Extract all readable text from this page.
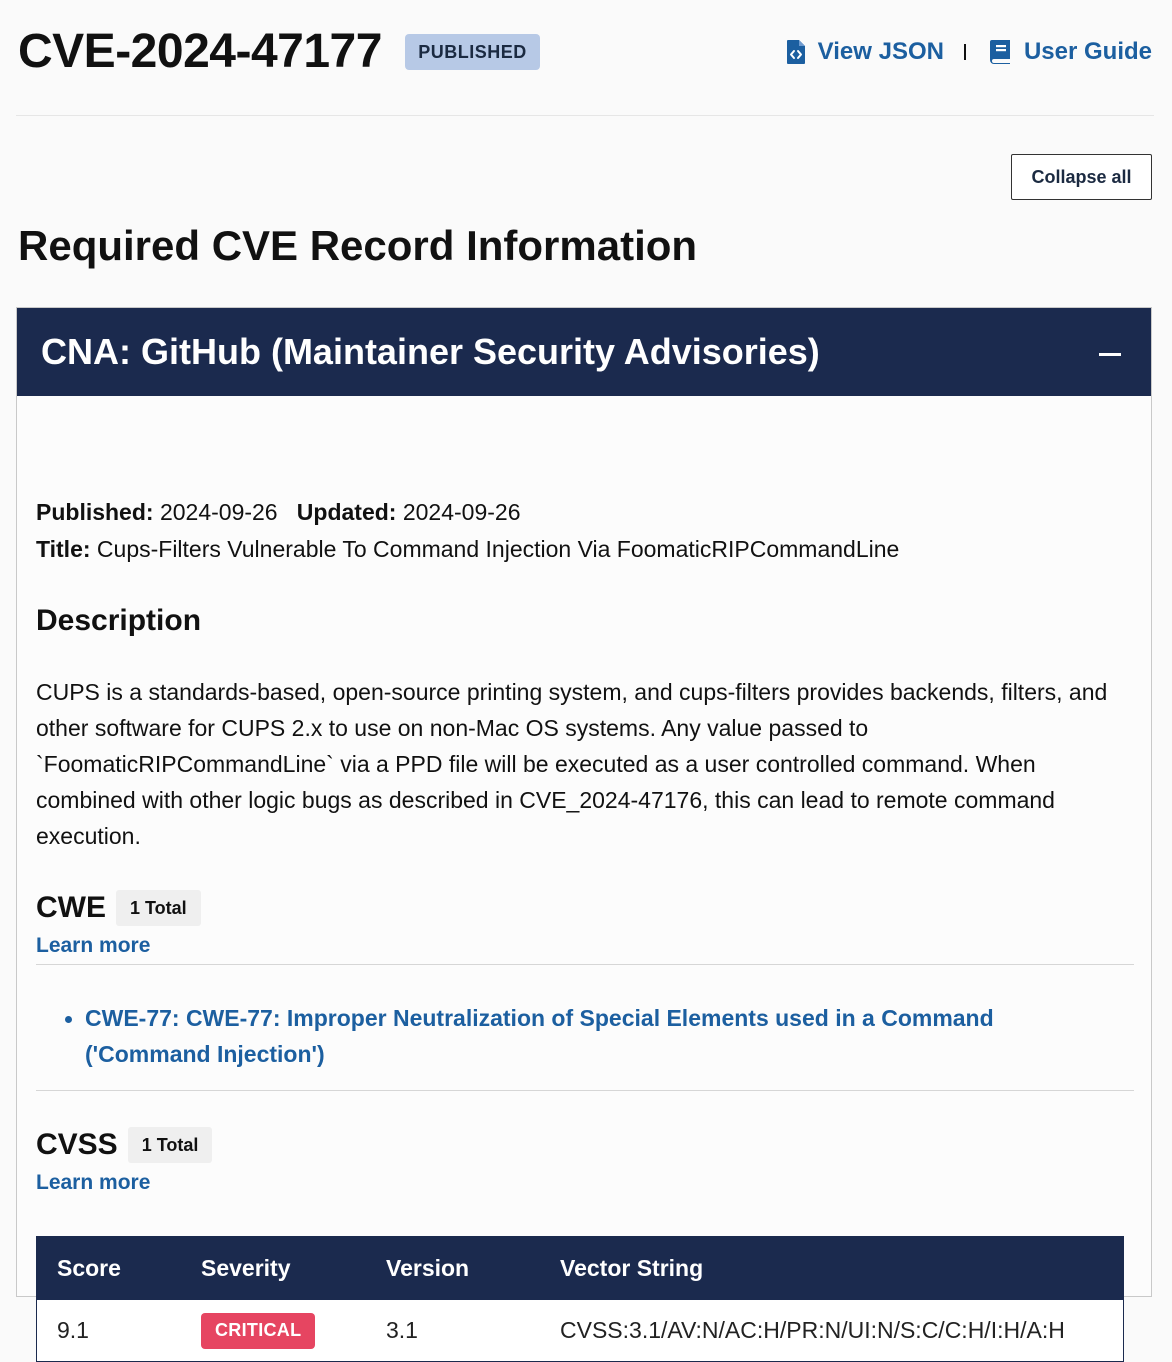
CVE-2024-47177	PUBLISHED	View JSON	User Guide
Collapse all
Required CVE Record Information
CNA: GitHub (Maintainer Security Advisories)
Published: 2024-09-26 Updated: 2024-09-26
Title: Cups-Filters Vulnerable To Command Injection Via FoomaticRIPCommandLine
Description

CUPS is a standards-based, open-source printing system, and cups-filters provides backends, filters, and other software for CUPS 2.x to use on non-Mac OS systems. Any value passed to `FoomaticRIPCommandLine` via a PPD file will be executed as a user controlled command. When combined with other logic bugs as described in CVE_2024-47176, this can lead to remote command execution.

CWE	1 Total
Learn more
CWE-77: CWE-77: Improper Neutralization of Special Elements used in a Command ('Command Injection')
CVSS	1 Total
Learn more
Score	Severity	Version	Vector String
9.1	CRITICAL	3.1	CVSS:3.1/AV:N/AC:H/PR:N/UI:N/S:C/C:H/I:H/A:H
